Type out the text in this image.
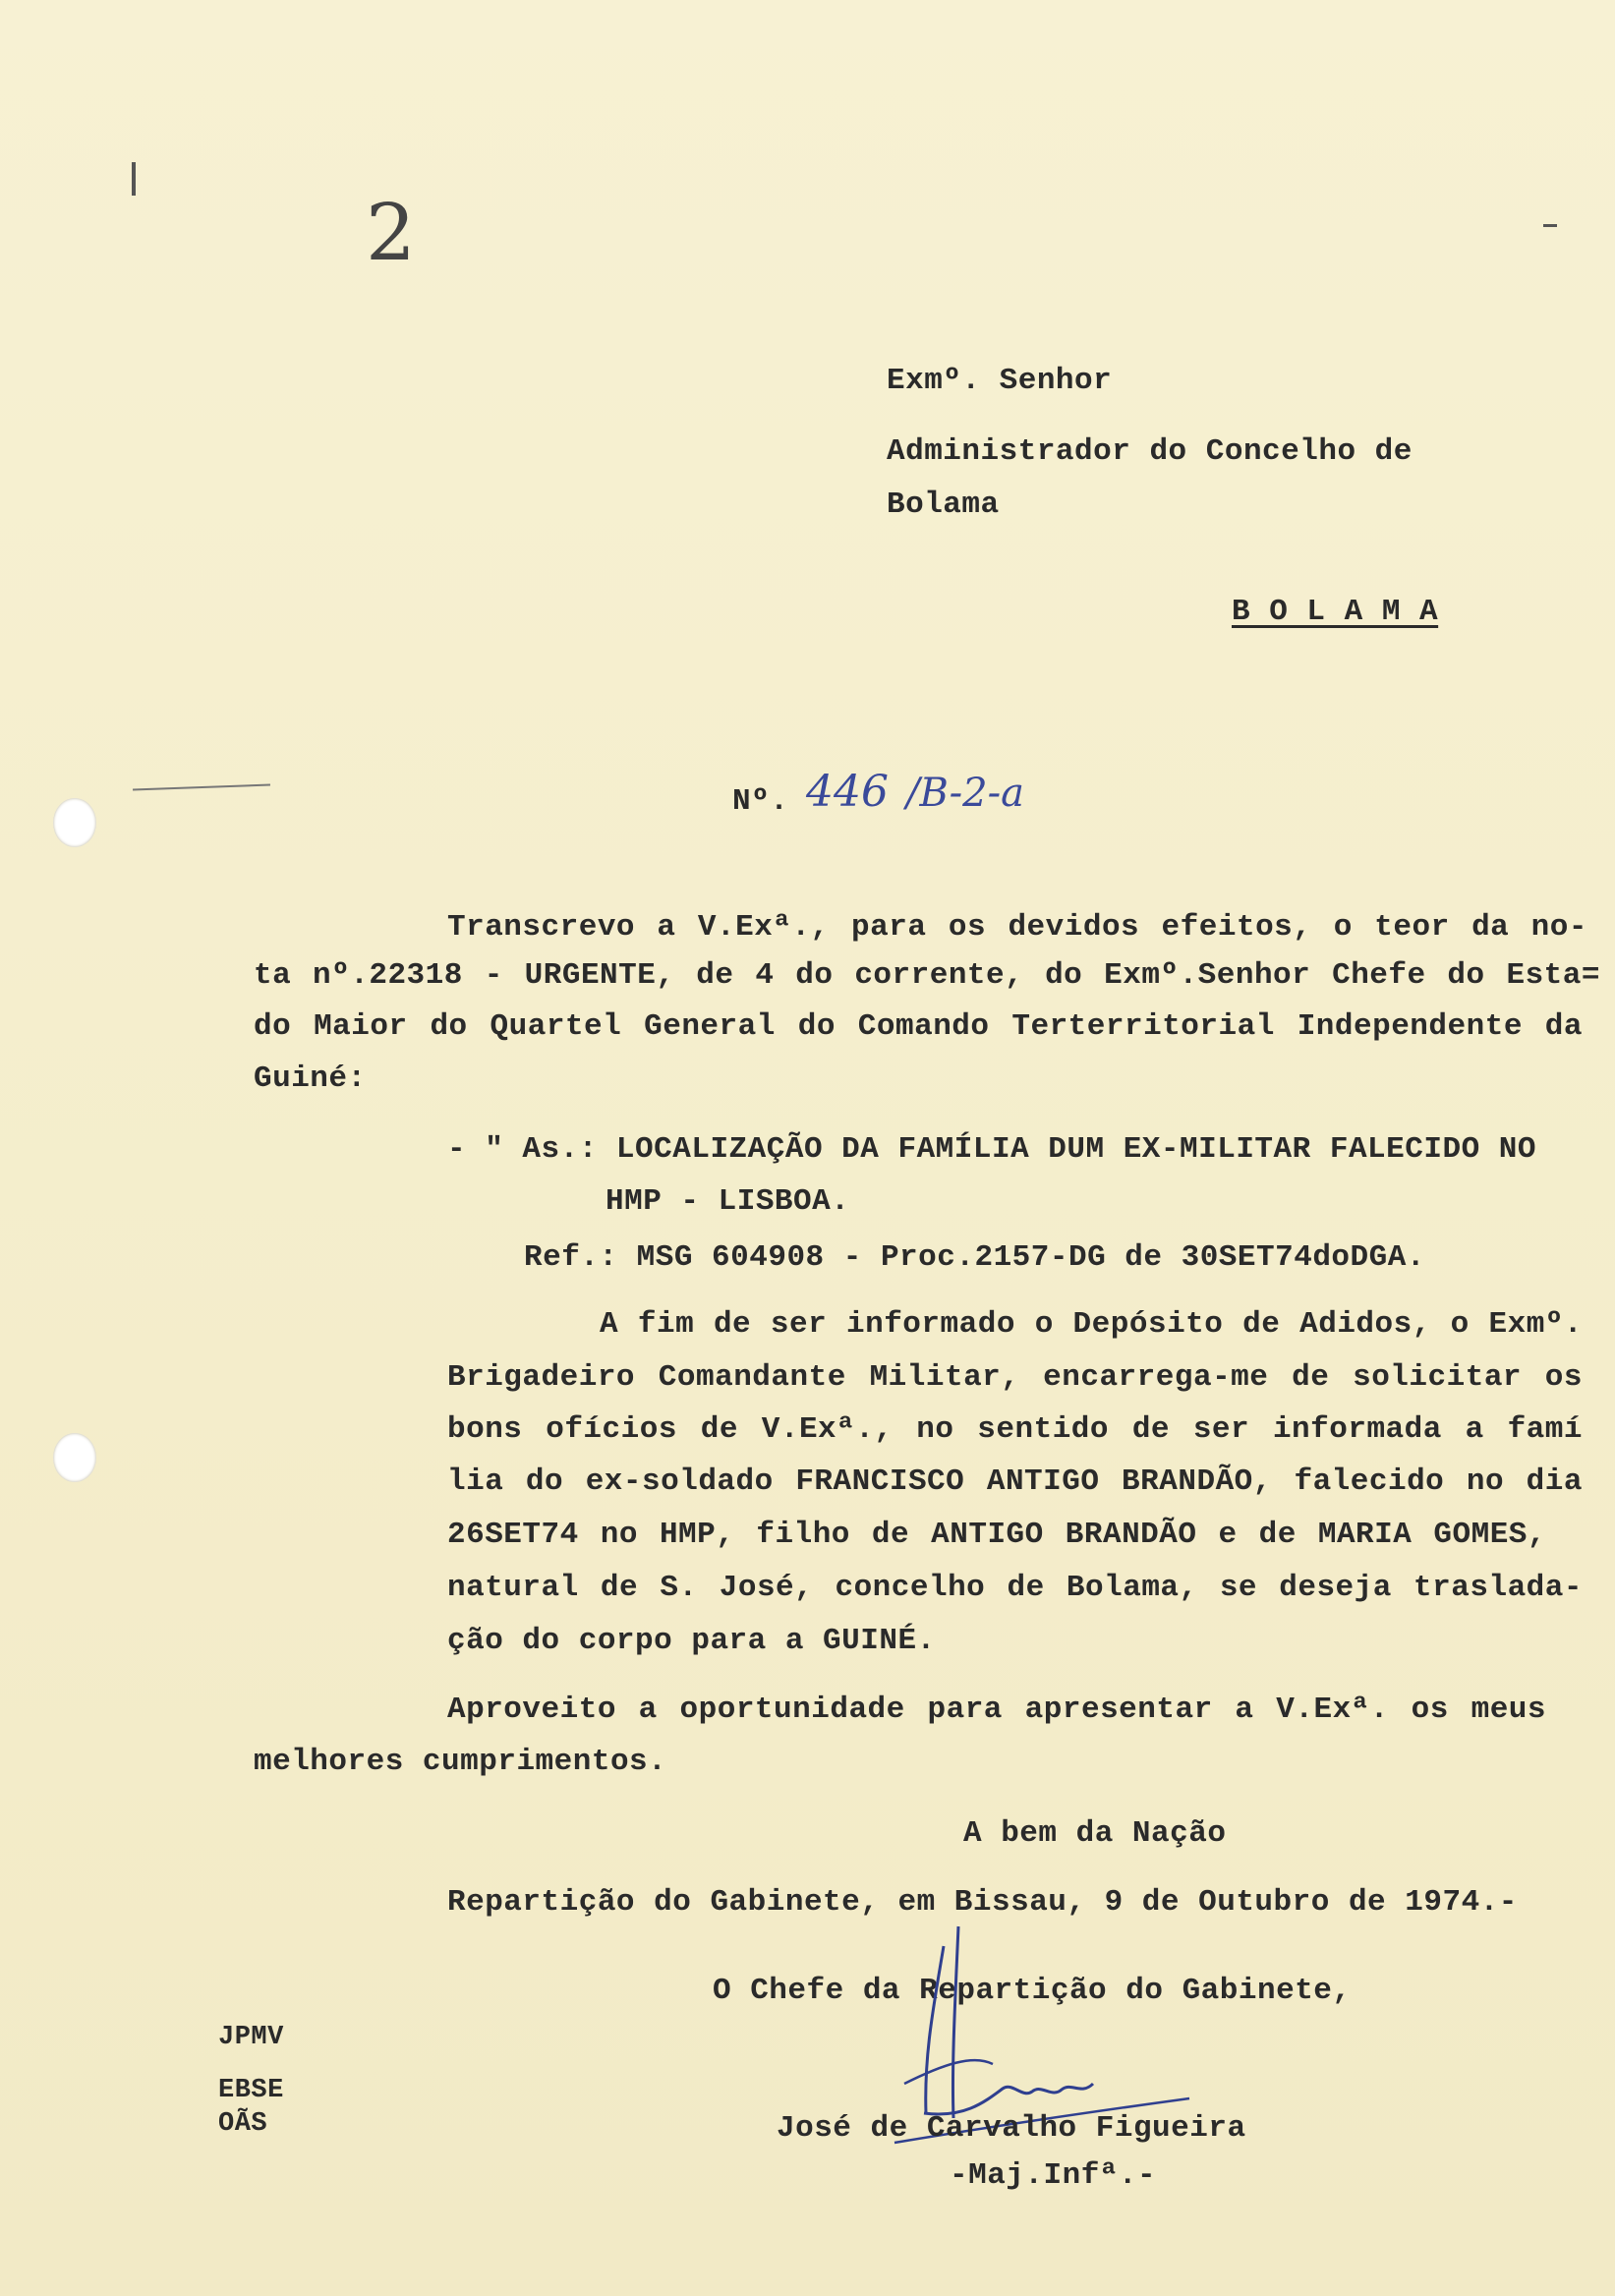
2
Exmº. Senhor
Administrador do Concelho de
Bolama
B O L A M A
Nº. 446 /B-2-a
Transcrevo a V.Exª., para os devidos efeitos, o teor da no-
ta nº.22318 - URGENTE, de 4 do corrente, do Exmº.Senhor Chefe do Esta=
do Maior do Quartel General do Comando Terterritorial Independente da
Guiné:
- " As.: LOCALIZAÇÃO DA FAMÍLIA DUM EX-MILITAR FALECIDO NO
HMP - LISBOA.
Ref.: MSG 604908 - Proc.2157-DG de 30SET74doDGA.
A fim de ser informado o Depósito de Adidos, o Exmº.
Brigadeiro Comandante Militar, encarrega-me de solicitar os
bons ofícios de V.Exª., no sentido de ser informada a famí
lia do ex-soldado FRANCISCO ANTIGO BRANDÃO, falecido no dia
26SET74 no HMP, filho de ANTIGO BRANDÃO e de MARIA GOMES,
natural de S. José, concelho de Bolama, se deseja trasladа-
ção do corpo para a GUINÉ.
Aproveito a oportunidade para apresentar a V.Exª. os meus
melhores cumprimentos.
A bem da Nação
Repartição do Gabinete, em Bissau, 9 de Outubro de 1974.-
O Chefe da Repartição do Gabinete,
José de Carvalho Figueira
-Maj.Infª.-
JPMV
EBSE
OÃS
